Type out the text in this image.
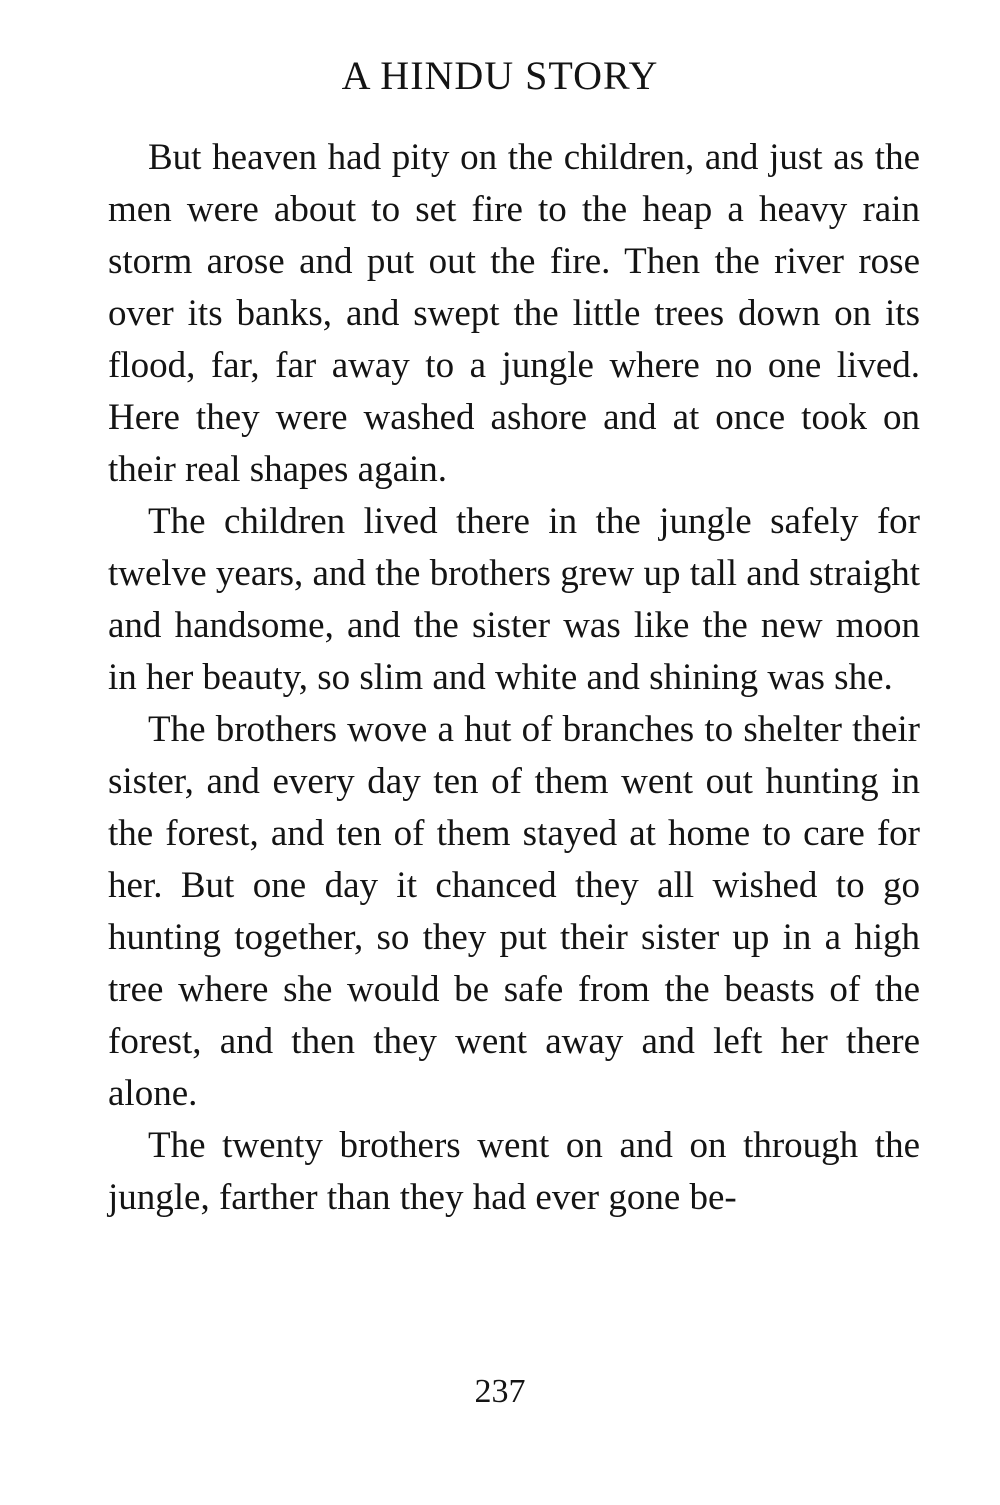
A HINDU STORY

But heaven had pity on the children, and just as the men were about to set fire to the heap a heavy rain storm arose and put out the fire. Then the river rose over its banks, and swept the little trees down on its flood, far, far away to a jungle where no one lived. Here they were washed ashore and at once took on their real shapes again.

The children lived there in the jungle safely for twelve years, and the brothers grew up tall and straight and handsome, and the sister was like the new moon in her beauty, so slim and white and shining was she.

The brothers wove a hut of branches to shelter their sister, and every day ten of them went out hunting in the forest, and ten of them stayed at home to care for her. But one day it chanced they all wished to go hunting together, so they put their sister up in a high tree where she would be safe from the beasts of the forest, and then they went away and left her there alone.

The twenty brothers went on and on through the jungle, farther than they had ever gone be-

237
